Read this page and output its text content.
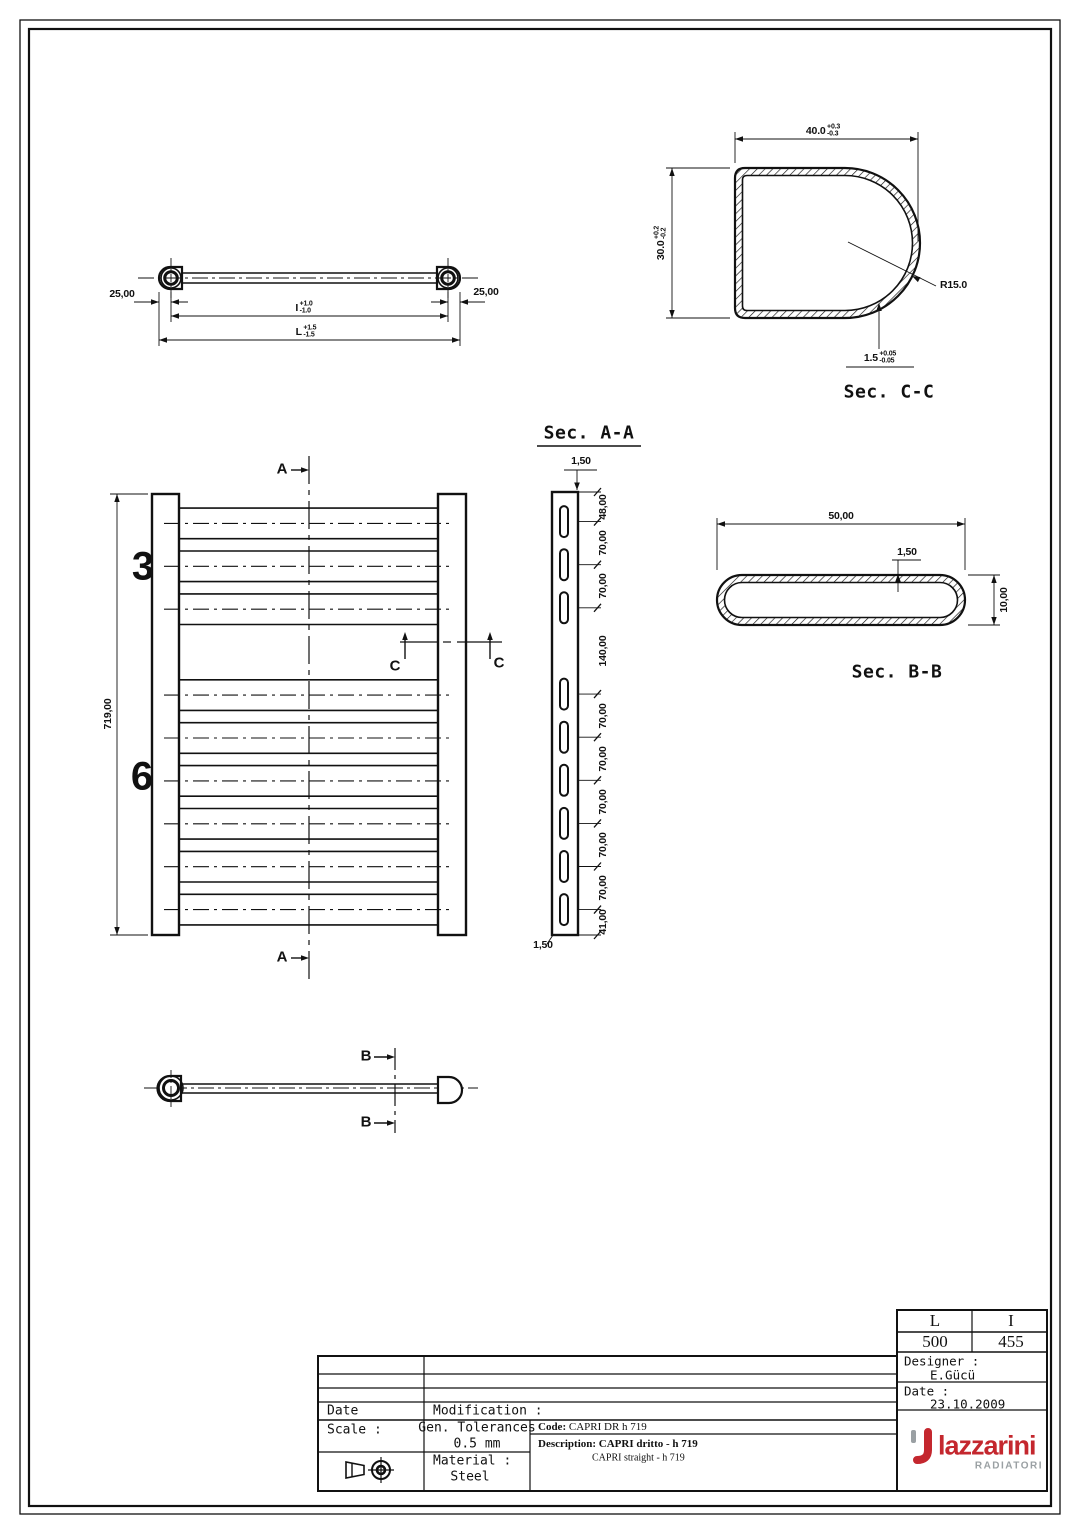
25,00	25,00
I +1.0
-1.0
L +1.5
-1.5
40.0 +0.3
-0.3
30.0
+0.2 -0.2
R15.0
1.5 +0.05
-0.05
Sec. C-C
Sec. A-A
1,50
1,50
48,00
70,00
70,00
140,00
70,00
70,00
70,00
70,00
70,00
41,00
719,00
3
6
A
A
C	C
50,00
1,50
10,00
Sec. B-B
B
B
Date	Modification :
Scale :	Gen. Tolerances
0.5 mm
Material :
Steel
Code: CAPRI DR h 719
Description: CAPRI dritto - h 719
CAPRI straight - h 719
L	I
500	455
Designer :
E.Gücü
Date :
23.10.2009
lazzarini
RADIATORI
